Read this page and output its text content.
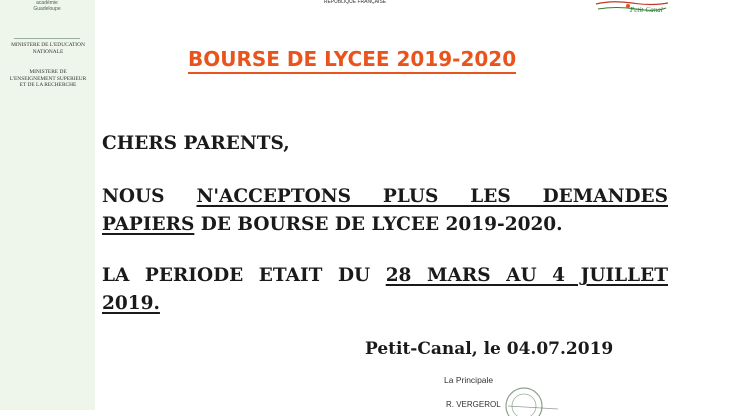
académie Guadeloupe
MINISTERE DE L'EDUCATION NATIONALE
MINISTERE DE L'ENSEIGNEMENT SUPERIEUR ET DE LA RECHERCHE
RÉPUBLIQUE FRANÇAISE
Petit-Canal
BOURSE DE LYCEE 2019-2020
CHERS PARENTS,
NOUS N'ACCEPTONS PLUS LES DEMANDES
PAPIERS DE BOURSE DE LYCEE 2019-2020.
LA PERIODE ETAIT DU 28 MARS AU 4 JUILLET
2019.
Petit-Canal, le 04.07.2019
La Principale
R. VERGEROL
